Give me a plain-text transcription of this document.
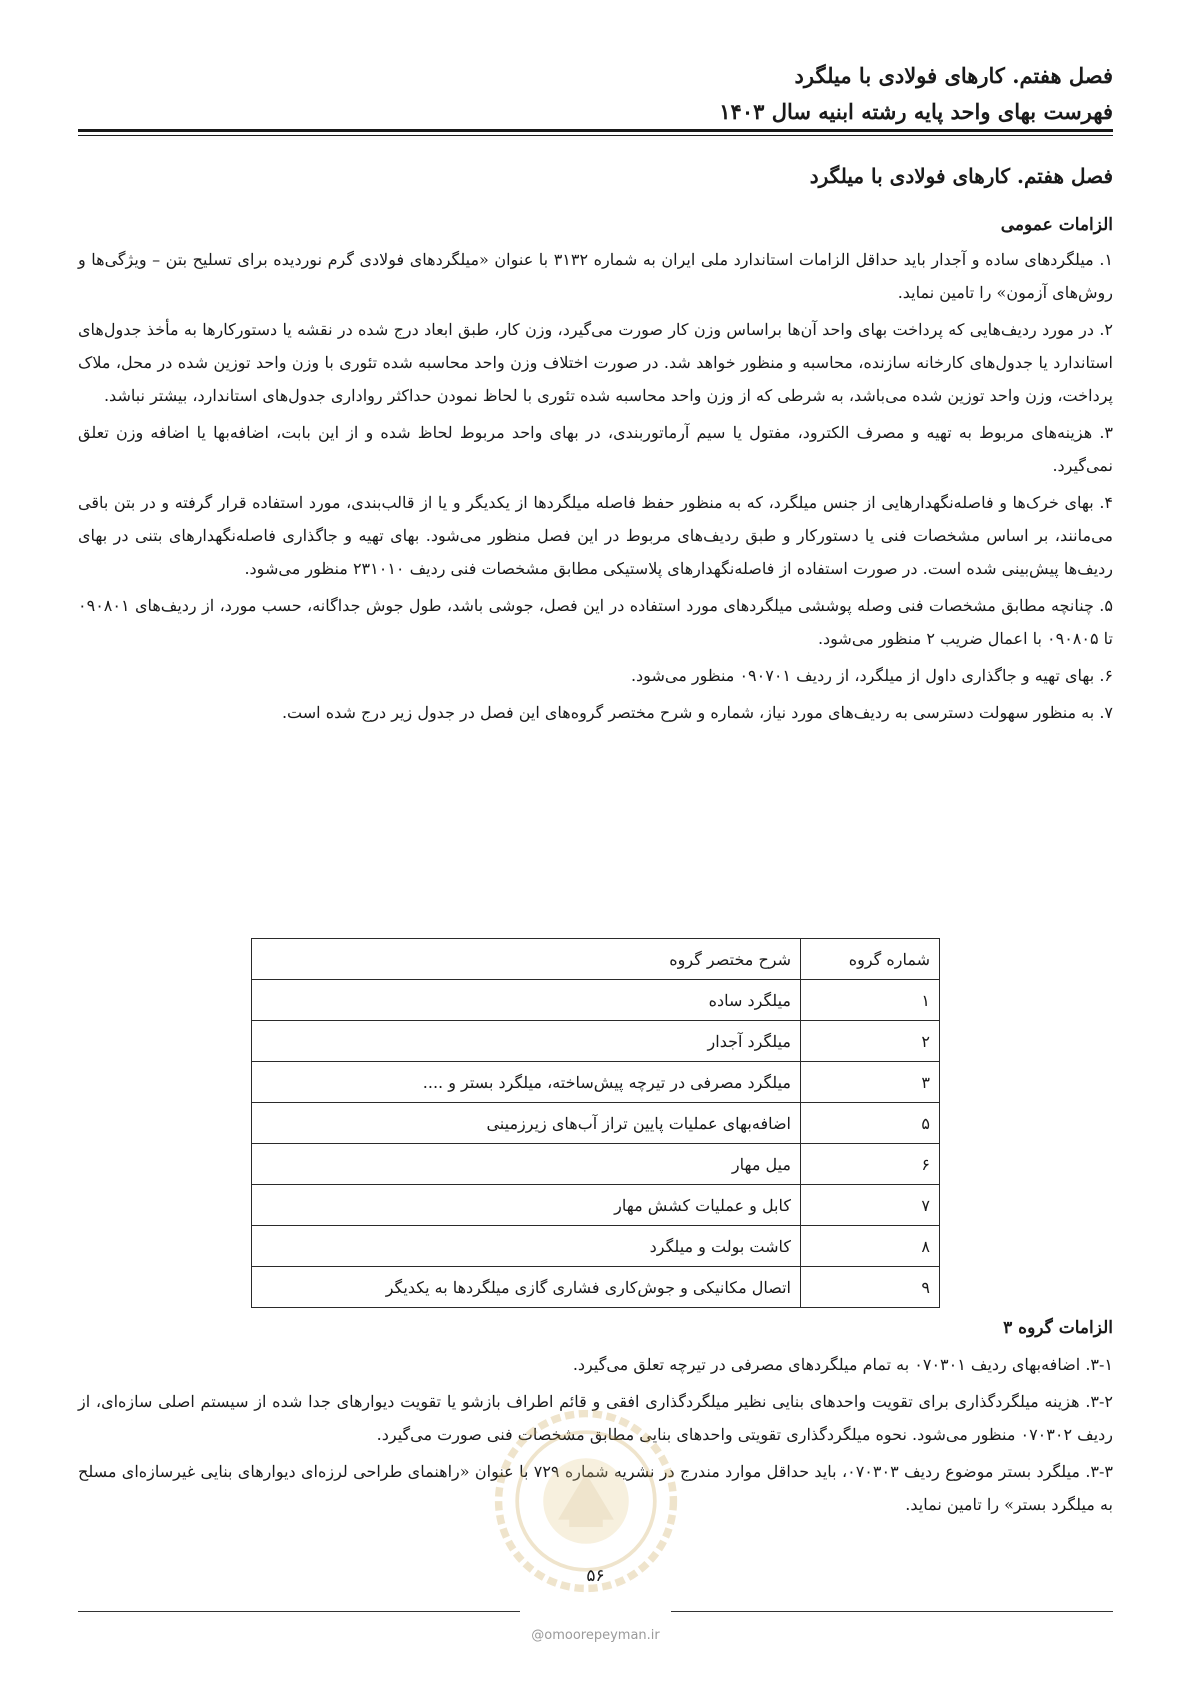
فصل هفتم. کارهای فولادی با میلگرد
فهرست بهای واحد پایه رشته ابنیه سال ۱۴۰۳
فصل هفتم. کارهای فولادی با میلگرد
الزامات عمومی

۱. میلگردهای ساده و آجدار باید حداقل الزامات استاندارد ملی ایران به شماره ۳۱۳۲ با عنوان «میلگردهای فولادی گرم نوردیده برای تسلیح بتن – ویژگی‌ها و روش‌های آزمون» را تامین نماید.

۲. در مورد ردیف‌هایی که پرداخت بهای واحد آن‌ها براساس وزن کار صورت می‌گیرد، وزن کار، طبق ابعاد درج شده در نقشه یا دستورکارها به مأخذ جدول‌های استاندارد یا جدول‌های کارخانه سازنده، محاسبه و منظور خواهد شد. در صورت اختلاف وزن واحد محاسبه شده تئوری با وزن واحد توزین شده در محل، ملاک پرداخت، وزن واحد توزین شده می‌باشد، به شرطی که از وزن واحد محاسبه شده تئوری با لحاظ نمودن حداکثر رواداری جدول‌های استاندارد، بیشتر نباشد.

۳. هزینه‌های مربوط به تهیه و مصرف الکترود، مفتول یا سیم آرماتوربندی، در بهای واحد مربوط لحاظ شده و از این بابت، اضافه‌بها یا اضافه وزن تعلق نمی‌گیرد.

۴. بهای خرک‌ها و فاصله‌نگهدارهایی از جنس میلگرد، که به منظور حفظ فاصله میلگردها از یکدیگر و یا از قالب‌بندی، مورد استفاده قرار گرفته و در بتن باقی می‌مانند، بر اساس مشخصات فنی یا دستورکار و طبق ردیف‌های مربوط در این فصل منظور می‌شود. بهای تهیه و جاگذاری فاصله‌نگهدارهای بتنی در بهای ردیف‌ها پیش‌بینی شده است. در صورت استفاده از فاصله‌نگهدارهای پلاستیکی مطابق مشخصات فنی ردیف ۲۳۱۰۱۰ منظور می‌شود.

۵. چنانچه مطابق مشخصات فنی وصله پوششی میلگردهای مورد استفاده در این فصل، جوشی باشد، طول جوش جداگانه، حسب مورد، از ردیف‌های ۰۹۰۸۰۱ تا ۰۹۰۸۰۵ با اعمال ضریب ۲ منظور می‌شود.

۶. بهای تهیه و جاگذاری داول از میلگرد، از ردیف ۰۹۰۷۰۱ منظور می‌شود.

۷. به منظور سهولت دسترسی به ردیف‌های مورد نیاز، شماره و شرح مختصر گروه‌های این فصل در جدول زیر درج شده است.

شماره گروه	شرح مختصر گروه
۱	میلگرد ساده
۲	میلگرد آجدار
۳	میلگرد مصرفی در تیرچه پیش‌ساخته، میلگرد بستر و ....
۵	اضافه‌بهای عملیات پایین تراز آب‌های زیرزمینی
۶	میل مهار
۷	کابل و عملیات کشش مهار
۸	کاشت بولت و میلگرد
۹	اتصال مکانیکی و جوش‌کاری فشاری گازی میلگردها به یکدیگر
الزامات گروه ۳

۳-۱. اضافه‌بهای ردیف ۰۷۰۳۰۱ به تمام میلگردهای مصرفی در تیرچه تعلق می‌گیرد.

۳-۲. هزینه میلگردگذاری برای تقویت واحدهای بنایی نظیر میلگردگذاری افقی و قائم اطراف بازشو یا تقویت دیوارهای جدا شده از سیستم اصلی سازه‌ای، از ردیف ۰۷۰۳۰۲ منظور می‌شود. نحوه میلگردگذاری تقویتی واحدهای بنایی مطابق مشخصات فنی صورت می‌گیرد.

۳-۳. میلگرد بستر موضوع ردیف ۰۷۰۳۰۳، باید حداقل موارد مندرج در نشریه شماره ۷۲۹ با عنوان «راهنمای طراحی لرزه‌ای دیوارهای بنایی غیرسازه‌ای مسلح به میلگرد بستر» را تامین نماید.

۵۶
@omoorepeyman.ir
